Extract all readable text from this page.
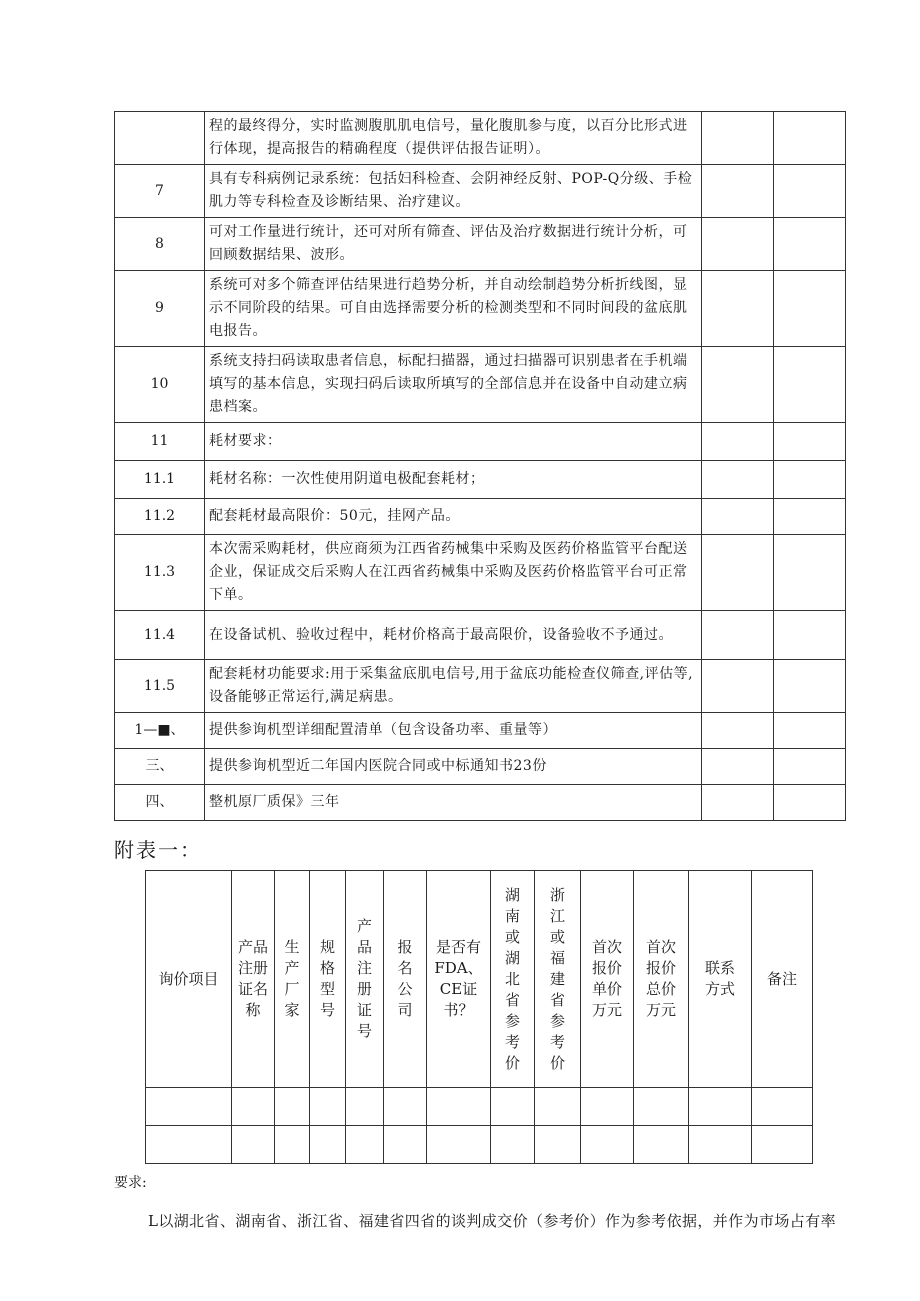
	程的最终得分，实时监测腹肌肌电信号，量化腹肌参与度，以百分比形式进行体现，提高报告的精确程度（提供评估报告证明）。		
7	具有专科病例记录系统：包括妇科检查、会阴神经反射、POP-Q分级、手检肌力等专科检查及诊断结果、治疗建议。		
8	可对工作量进行统计，还可对所有筛查、评估及治疗数据进行统计分析，可回顾数据结果、波形。		
9	系统可对多个筛查评估结果进行趋势分析，并自动绘制趋势分析折线图，显示不同阶段的结果。可自由选择需要分析的检测类型和不同时间段的盆底肌电报告。		
10	系统支持扫码读取患者信息，标配扫描器，通过扫描器可识别患者在手机端填写的基本信息，实现扫码后读取所填写的全部信息并在设备中自动建立病患档案。		
11	耗材要求：		
11.1	耗材名称：一次性使用阴道电极配套耗材；		
11.2	配套耗材最高限价：50元，挂网产品。		
11.3	本次需采购耗材，供应商须为江西省药械集中采购及医药价格监管平台配送企业，保证成交后采购人在江西省药械集中采购及医药价格监管平台可正常下单。		
11.4	在设备试机、验收过程中，耗材价格高于最高限价，设备验收不予通过。		
11.5	配套耗材功能要求:用于采集盆底肌电信号,用于盆底功能检查仪筛查,评估等,设备能够正常运行,满足病患。		
1—■、	提供参询机型详细配置清单（包含设备功率、重量等）		
三、	提供参询机型近二年国内医院合同或中标通知书23份		
四、	整机原厂质保》三年		
附表一：
询价项目	产品注册证名称	生产厂家	规格型号	产品注册证号	报名公司	是否有FDA、CE证书？	湖南或湖北省参考价	浙江或福建省参考价	首次报价单价万元	首次报价总价万元	联系方式	备注

要求:
L以湖北省、湖南省、浙江省、福建省四省的谈判成交价（参考价）作为参考依据，并作为市场占有率
